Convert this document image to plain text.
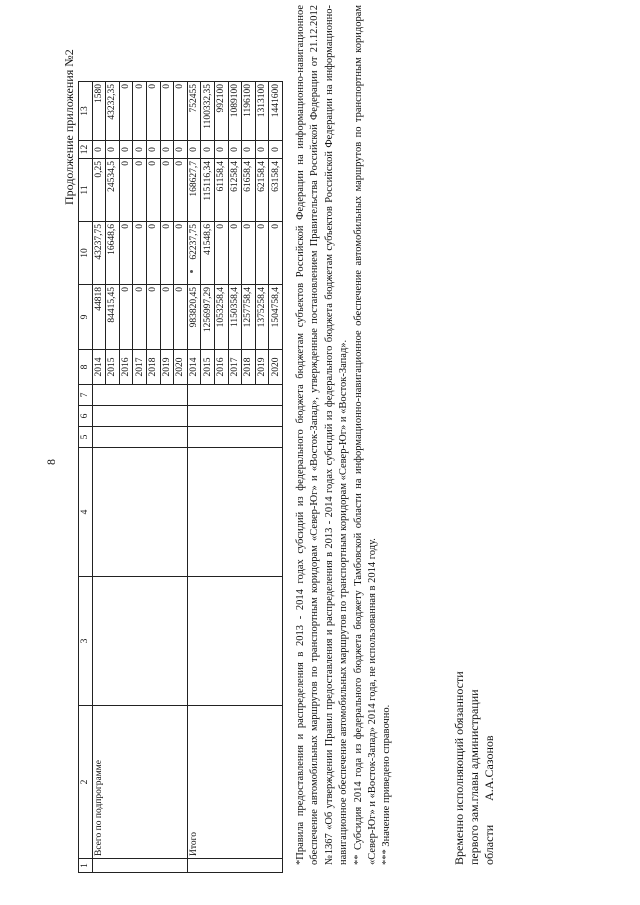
8
Продолжение приложения №2
1	2	3	4	5	6	7	8	9	10	11	12	13
	Всего по подпрограмме						2014	44818	43237,75	0,25	0	1580
							2015	84415,45	16648,6	24534,5	0	43232,35
							2016	0	0	0	0	0
							2017	0	0	0	0	0
							2018	0	0	0	0	0
							2019	0	0	0	0	0
							2020	0	0	0	0	0
	Итого						2014	983820,45	62237,75	168627,7	0	752455
							2015	1256997,29	41548,6	115116,34	0	1100332,35
							2016	1053258,4	0	61158,4	0	992100
							2017	1150358,4	0	61258,4	0	1089100
							2018	1257758,4	0	61658,4	0	1196100
							2019	1375258,4	0	62158,4	0	1313100
							2020	1504758,4	0	63158,4	0	1441600 *Правила предоставления и распределения в 2013 - 2014 годах субсидий из федерального бюджета бюджетам субъектов Российской Федерации на информационно-навигационное обеспечение автомобильных маршрутов по транспортным коридорам «Север-Юг» и «Восток-Запад», утвержденные постановлением Правительства Российской Федерации от 21.12.2012 №1367 «Об утверждении Правил предоставления и распределения в 2013 - 2014 годах субсидий из федерального бюджета бюджетам субъектов Российской Федерации на информационно-навигационное обеспечение автомобильных маршрутов по транспортным коридорам «Север-Юг» и «Восток-Запад». ** Субсидия 2014 года из федерального бюджета бюджету Тамбовской области на информационно-навигационное обеспечение автомобильных маршрутов по транспортным коридорам «Север-Юг» и «Восток-Запад» 2014 года, не использованная в 2014 году. *** Значение приведено справочно.	Временно исполняющий обязанности первого зам.главы администрации области        А.А.Сазонов
